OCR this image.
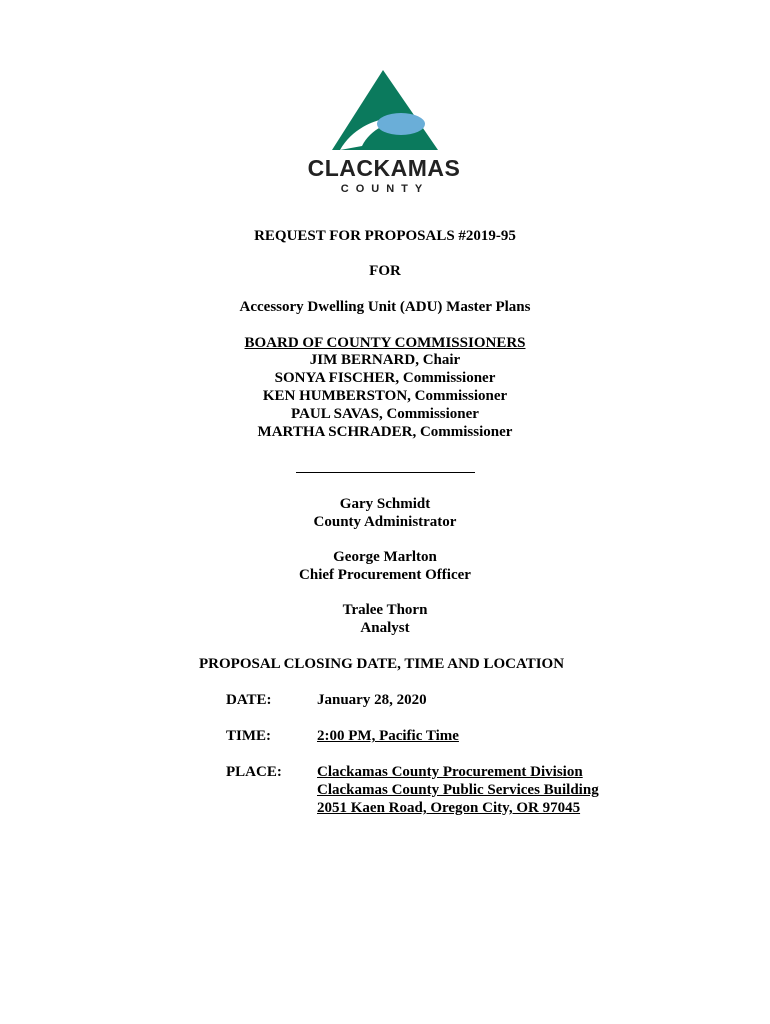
CLACKAMAS
COUNTY
REQUEST FOR PROPOSALS #2019-95
FOR
Accessory Dwelling Unit (ADU) Master Plans
BOARD OF COUNTY COMMISSIONERS
JIM BERNARD, Chair
SONYA FISCHER, Commissioner
KEN HUMBERSTON, Commissioner
PAUL SAVAS, Commissioner
MARTHA SCHRADER, Commissioner
Gary Schmidt
County Administrator
George Marlton
Chief Procurement Officer
Tralee Thorn
Analyst
PROPOSAL CLOSING DATE, TIME AND LOCATION
DATE:	January 28, 2020
TIME:	2:00 PM, Pacific Time
PLACE: Clackamas County Procurement Division
Clackamas County Public Services Building
2051 Kaen Road, Oregon City, OR 97045
